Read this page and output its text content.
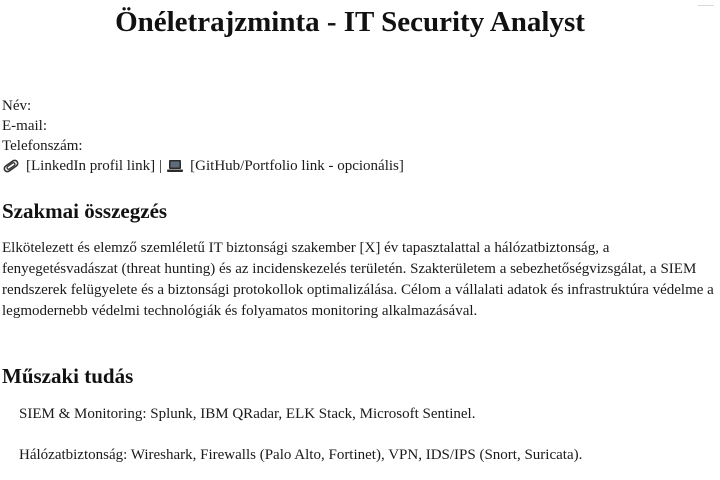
Önéletrajzminta - IT Security Analyst
Név:
E-mail:
Telefonszám:
[LinkedIn profil link] | [GitHub/Portfolio link - opcionális]
Szakmai összegzés

Elkötelezett és elemző szemléletű IT biztonsági szakember [X] év tapasztalattal a hálózatbiztonság, a fenyegetésvadászat (threat hunting) és az incidenskezelés területén. Szakterületem a sebezhetőségvizsgálat, a SIEM rendszerek felügyelete és a biztonsági protokollok optimalizálása. Célom a vállalati adatok és infrastruktúra védelme a legmodernebb védelmi technológiák és folyamatos monitoring alkalmazásával.

Műszaki tudás
SIEM & Monitoring: Splunk, IBM QRadar, ELK Stack, Microsoft Sentinel.
Hálózatbiztonság: Wireshark, Firewalls (Palo Alto, Fortinet), VPN, IDS/IPS (Snort, Suricata).
